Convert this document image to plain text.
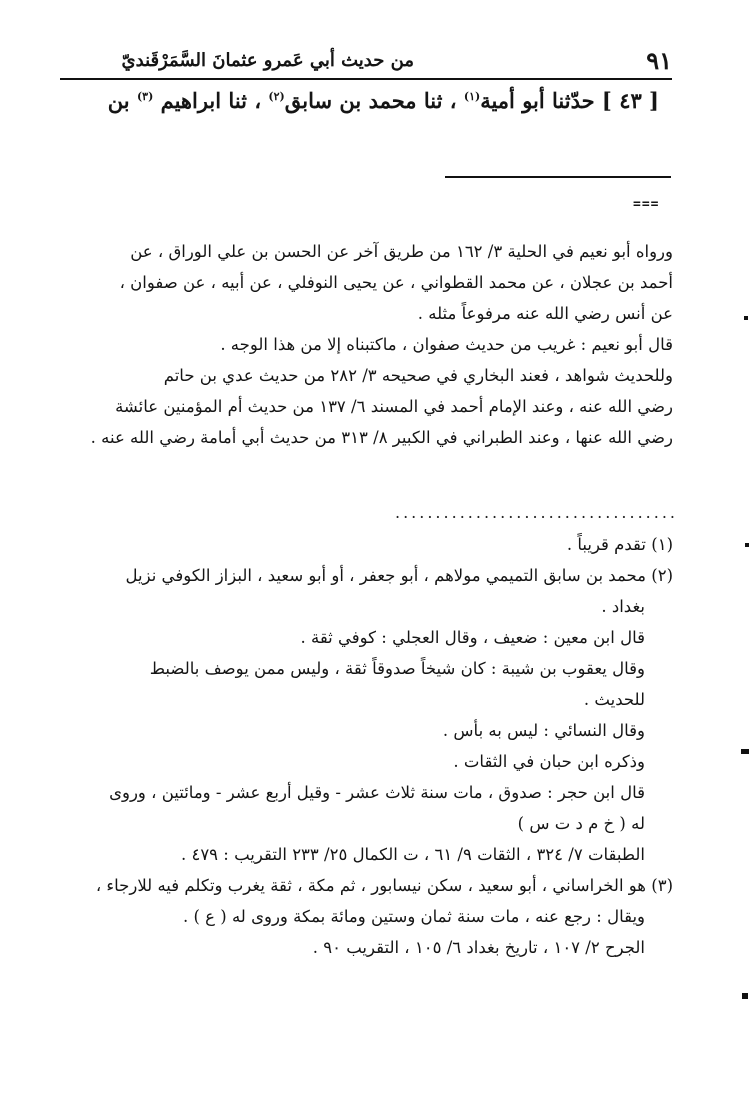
٩١
من حديث أبي عَمرو عثمانَ السَّمَرْقَنديّ
[ ٤٣ ] حدّثنا أبو أمية$^{(١)}$ ، ثنا محمد بن سابق$^{(٢)}$ ، ثنا ابراهيم $^{(٣)}$ بن
===

ورواه أبو نعيم في الحلية ٣/ ١٦٢ من طريق آخر عن الحسن بن علي الوراق ، عن

أحمد بن عجلان ، عن محمد القطواني ، عن يحيى النوفلي ، عن أبيه ، عن صفوان ،

عن أنس رضي الله عنه مرفوعاً مثله .

قال أبو نعيم : غريب من حديث صفوان ، ماكتبناه إلا من هذا الوجه .

وللحديث شواهد ، فعند البخاري في صحيحه ٣/ ٢٨٢ من حديث عدي بن حاتم

رضي الله عنه ، وعند الإمام أحمد في المسند ٦/ ١٣٧ من حديث أم المؤمنين عائشة

رضي الله عنها ، وعند الطبراني في الكبير ٨/ ٣١٣ من حديث أبي أمامة رضي الله عنه .

...................................

(١) تقدم قريباً .

(٢) محمد بن سابق التميمي مولاهم ، أبو جعفر ، أو أبو سعيد ، البزاز الكوفي نزيل

بغداد .

قال ابن معين : ضعيف ، وقال العجلي : كوفي ثقة .

وقال يعقوب بن شيبة : كان شيخاً صدوقاً ثقة ، وليس ممن يوصف بالضبط

للحديث .

وقال النسائي : ليس به بأس .

وذكره ابن حبان في الثقات .

قال ابن حجر : صدوق ، مات سنة ثلاث عشر - وقيل أربع عشر - ومائتين ، وروى

له ( خ م د ت س )

الطبقات ٧/ ٣٢٤ ، الثقات ٩/ ٦١ ، ت الكمال ٢٥/ ٢٣٣ التقريب : ٤٧٩ .

(٣) هو الخراساني ، أبو سعيد ، سكن نيسابور ، ثم مكة ، ثقة يغرب وتكلم فيه للارجاء ،

ويقال : رجع عنه ، مات سنة ثمان وستين ومائة بمكة وروى له ( ع ) .

الجرح ٢/ ١٠٧ ، تاريخ بغداد ٦/ ١٠٥ ، التقريب ٩٠ .
